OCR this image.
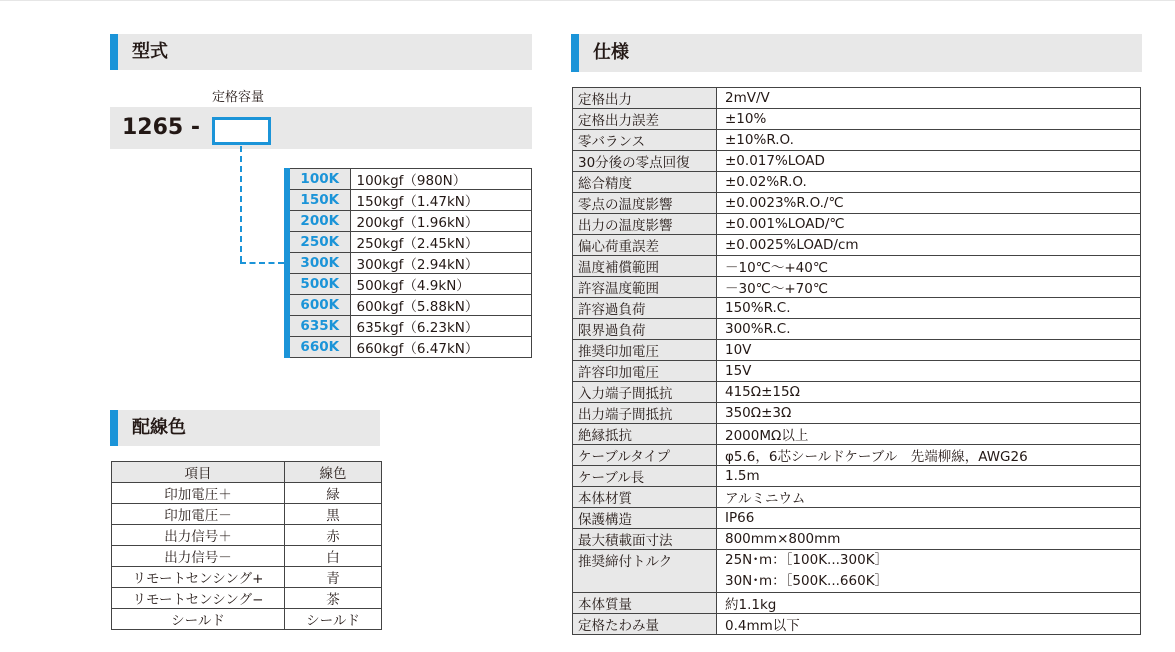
型式
定格容量
1265 -
100K	100kgf（980N）
150K	150kgf（1.47kN）
200K	200kgf（1.96kN）
250K	250kgf（2.45kN）
300K	300kgf（2.94kN）
500K	500kgf（4.9kN）
600K	600kgf（5.88kN）
635K	635kgf（6.23kN）
660K	660kgf（6.47kN）
配線色
項目	線色
印加電圧＋	緑
印加電圧－	黒
出力信号＋	赤
出力信号－	白
リモートセンシング+	青
リモートセンシング−	茶
シールド	シールド
仕様
定格出力	2mV/V
定格出力誤差	±10%
零バランス	±10%R.O.
30分後の零点回復	±0.017%LOAD
総合精度	±0.02%R.O.
零点の温度影響	±0.0023%R.O./℃
出力の温度影響	±0.001%LOAD/℃
偏心荷重誤差	±0.0025%LOAD/cm
温度補償範囲	－10℃～+40℃
許容温度範囲	－30℃～+70℃
許容過負荷	150%R.C.
限界過負荷	300%R.C.
推奨印加電圧	10V
許容印加電圧	15V
入力端子間抵抗	415Ω±15Ω
出力端子間抵抗	350Ω±3Ω
絶縁抵抗	2000MΩ以上
ケーブルタイプ	φ5.6，6芯シールドケーブル　先端柳線，AWG26
ケーブル長	1.5m
本体材質	アルミニウム
保護構造	IP66
最大積載面寸法	800mm×800mm
推奨締付トルク	25N･m：［100K...300K］
30N･m：［500K...660K］

本体質量	約1.1kg
定格たわみ量	0.4mm以下
